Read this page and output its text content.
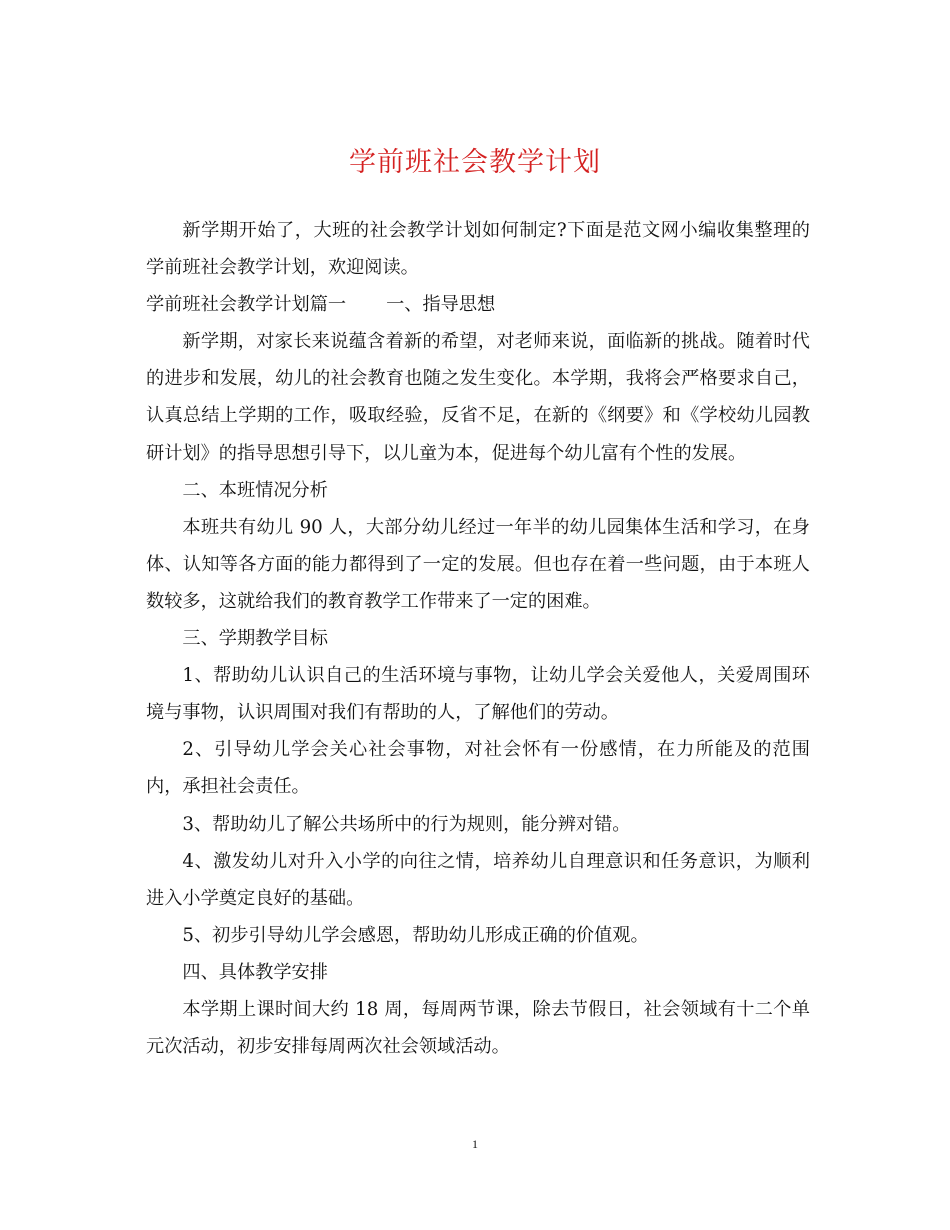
学前班社会教学计划

新学期开始了，大班的社会教学计划如何制定?下面是范文网小编收集整理的学前班社会教学计划，欢迎阅读。

学前班社会教学计划篇一 一、指导思想

新学期，对家长来说蕴含着新的希望，对老师来说，面临新的挑战。随着时代的进步和发展，幼儿的社会教育也随之发生变化。本学期，我将会严格要求自己，认真总结上学期的工作，吸取经验，反省不足，在新的《纲要》和《学校幼儿园教研计划》的指导思想引导下，以儿童为本，促进每个幼儿富有个性的发展。

二、本班情况分析

本班共有幼儿 90 人，大部分幼儿经过一年半的幼儿园集体生活和学习，在身体、认知等各方面的能力都得到了一定的发展。但也存在着一些问题，由于本班人数较多，这就给我们的教育教学工作带来了一定的困难。

三、学期教学目标

1、帮助幼儿认识自己的生活环境与事物，让幼儿学会关爱他人，关爱周围环境与事物，认识周围对我们有帮助的人，了解他们的劳动。

2、引导幼儿学会关心社会事物，对社会怀有一份感情，在力所能及的范围内，承担社会责任。

3、帮助幼儿了解公共场所中的行为规则，能分辨对错。

4、激发幼儿对升入小学的向往之情，培养幼儿自理意识和任务意识，为顺利进入小学奠定良好的基础。

5、初步引导幼儿学会感恩，帮助幼儿形成正确的价值观。

四、具体教学安排

本学期上课时间大约 18 周，每周两节课，除去节假日，社会领域有十二个单元次活动，初步安排每周两次社会领域活动。

1
